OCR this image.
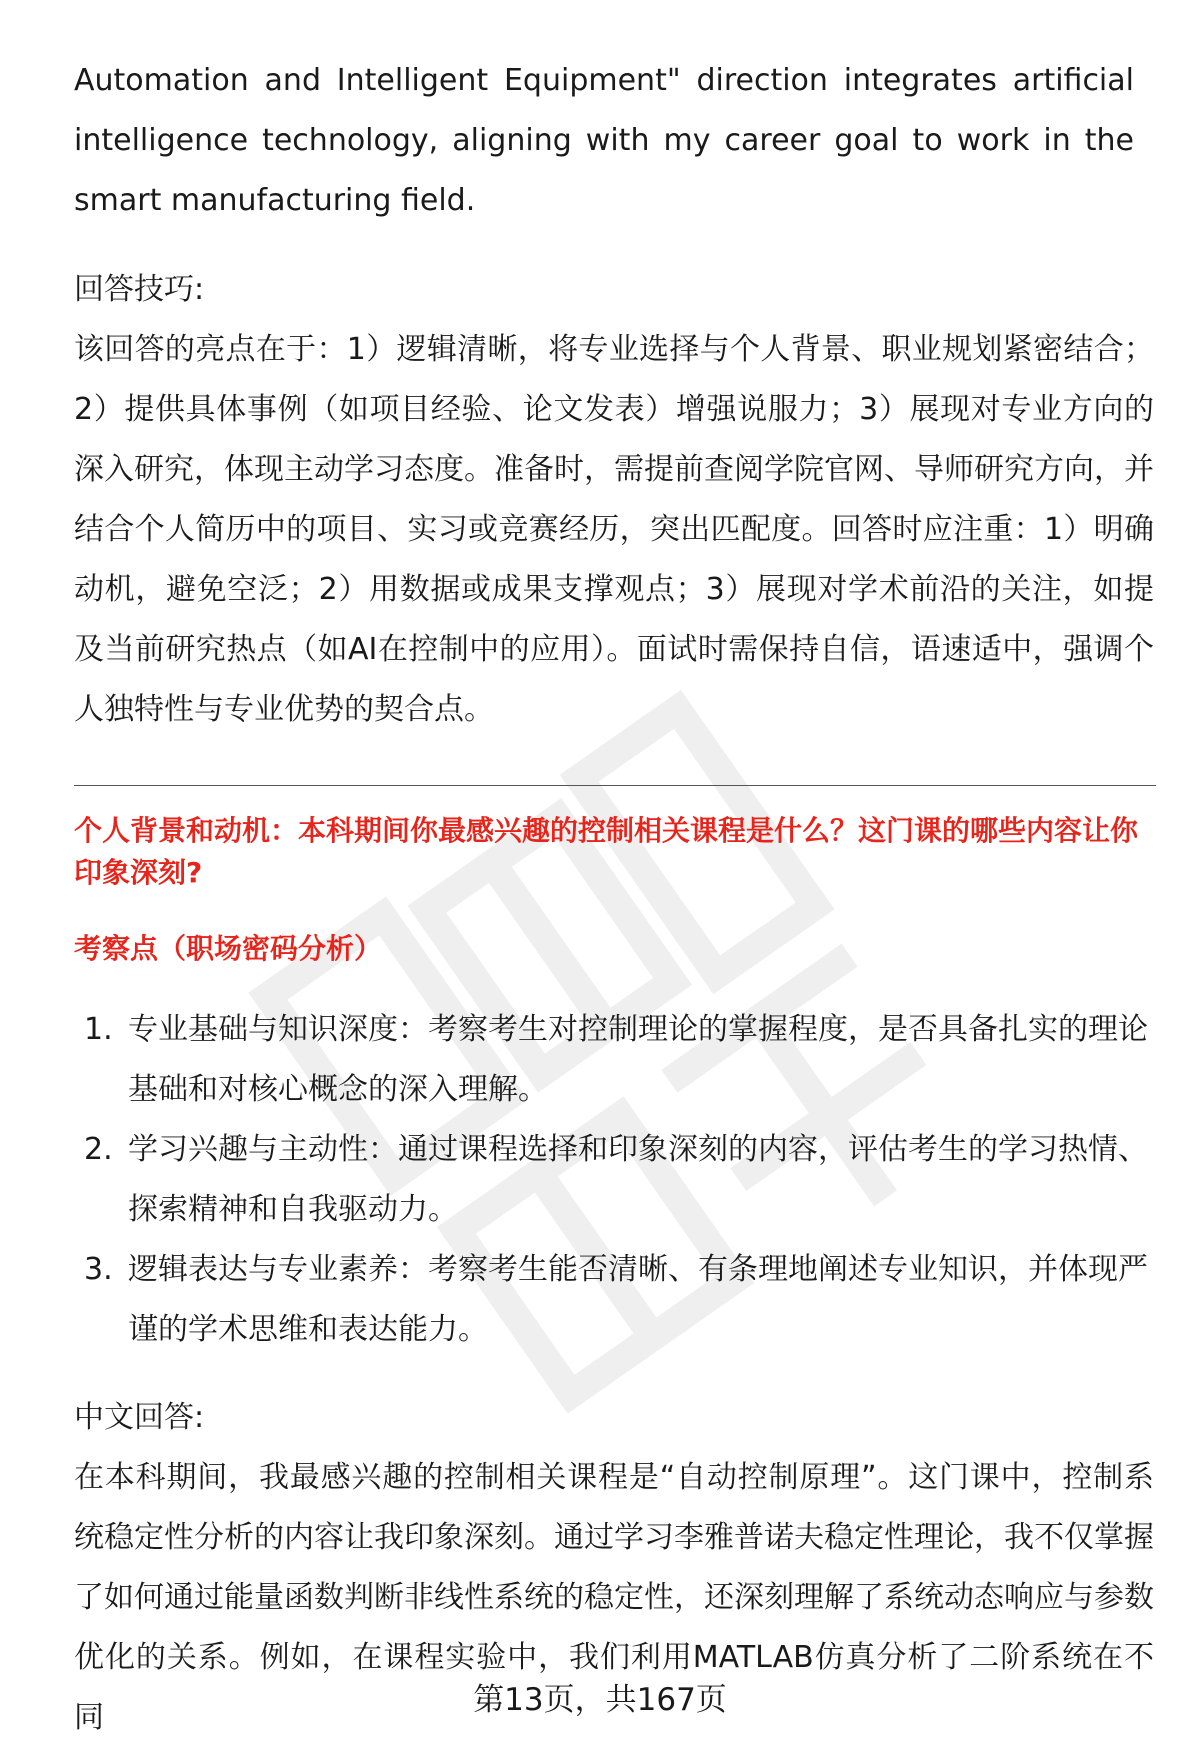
Automation and Intelligent Equipment" direction integrates artificial intelligence technology, aligning with my career goal to work in the smart manufacturing field.

回答技巧:

该回答的亮点在于：1）逻辑清晰，将专业选择与个人背景、职业规划紧密结合；2）提供具体事例（如项目经验、论文发表）增强说服力；3）展现对专业方向的深入研究，体现主动学习态度。准备时，需提前查阅学院官网、导师研究方向，并结合个人简历中的项目、实习或竞赛经历，突出匹配度。回答时应注重：1）明确动机，避免空泛；2）用数据或成果支撑观点；3）展现对学术前沿的关注，如提及当前研究热点（如AI在控制中的应用）。面试时需保持自信，语速适中，强调个人独特性与专业优势的契合点。

个人背景和动机：本科期间你最感兴趣的控制相关课程是什么？这门课的哪些内容让你印象深刻?

考察点（职场密码分析）

1. 专业基础与知识深度：考察考生对控制理论的掌握程度，是否具备扎实的理论基础和对核心概念的深入理解。
2. 学习兴趣与主动性：通过课程选择和印象深刻的内容，评估考生的学习热情、探索精神和自我驱动力。
3. 逻辑表达与专业素养：考察考生能否清晰、有条理地阐述专业知识，并体现严谨的学术思维和表达能力。

中文回答:

在本科期间，我最感兴趣的控制相关课程是“自动控制原理”。这门课中，控制系统稳定性分析的内容让我印象深刻。通过学习李雅普诺夫稳定性理论，我不仅掌握了如何通过能量函数判断非线性系统的稳定性，还深刻理解了系统动态响应与参数优化的关系。例如，在课程实验中，我们利用MATLAB仿真分析了二阶系统在不同	第13页，共167页
